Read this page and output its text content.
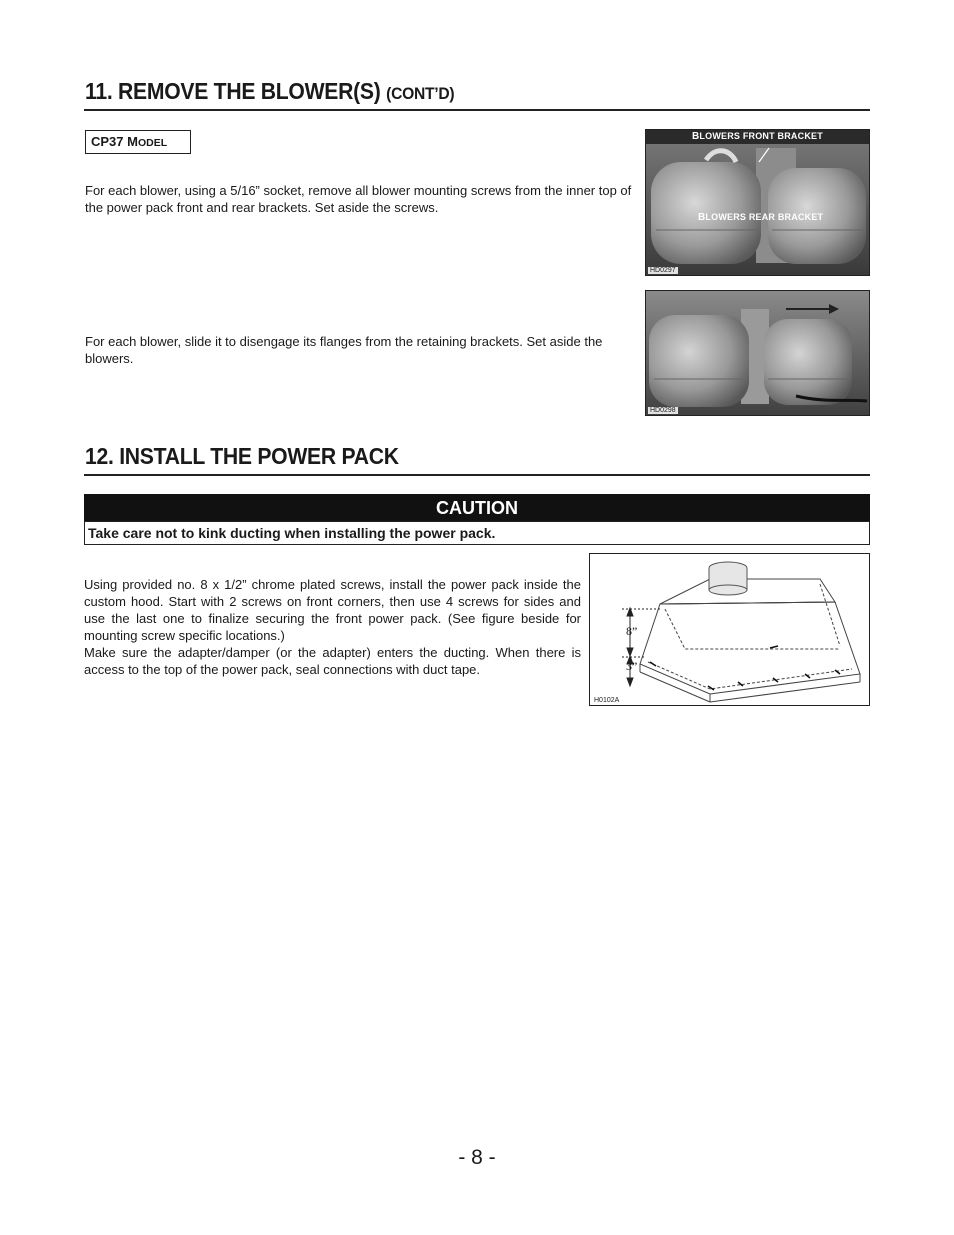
11. REMOVE THE BLOWER(S) (CONT’D)
CP37 MODEL

For each blower, using a 5/16” socket, remove all blower mounting screws from the inner top of the power pack front and rear brackets. Set aside the screws.

For each blower, slide it to disengage its flanges from the retaining brackets. Set aside the blowers.

BLOWERS FRONT BRACKET
BLOWERS REAR BRACKET
HD0297
HD0298
12. INSTALL THE POWER PACK
CAUTION
Take care not to kink ducting when installing the power pack.

Using provided no. 8 x 1/2” chrome plated screws, install the power pack inside the custom hood. Start with 2 screws on front corners, then use 4 screws for sides and use the last one to finalize securing the front power pack. (See figure beside for mounting screw specific locations.)

Make sure the adapter/damper (or the adapter) enters the ducting. When there is access to the top of the power pack, seal connections with duct tape.

8”
3”
H0102A
- 8 -
